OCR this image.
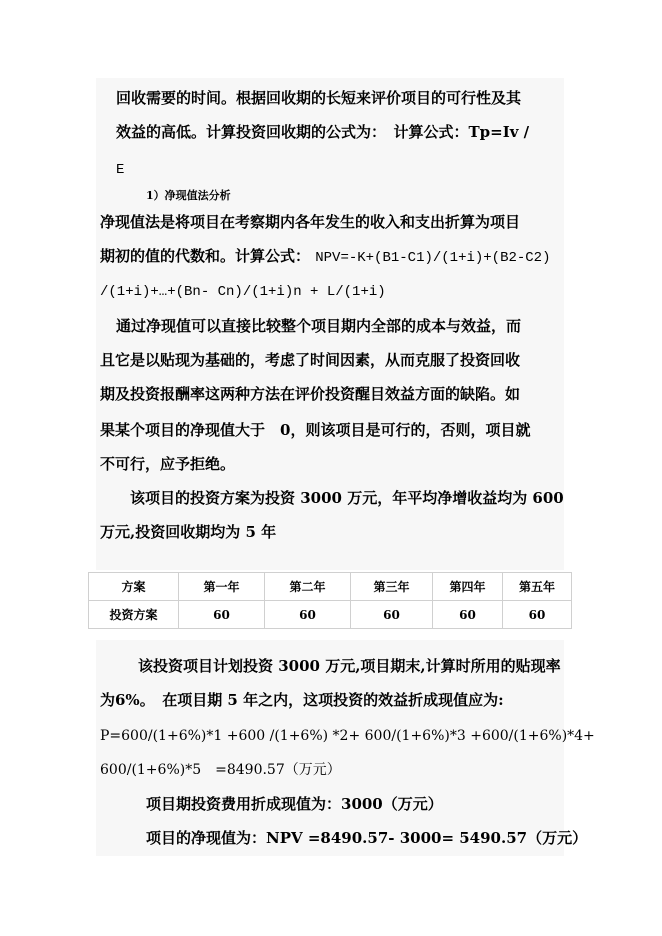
回收需要的时间。根据回收期的长短来评价项目的可行性及其
效益的高低。计算投资回收期的公式为：　计算公式：Tp=Iv /
E
1）净现值法分析
净现值法是将项目在考察期内各年发生的收入和支出折算为项目
期初的值的代数和。计算公式： NPV=-K+(B1-C1)/(1+i)+(B2-C2)
/(1+i)+…+(Bn- Cn)/(1+i)n + L/(1+i)
通过净现值可以直接比较整个项目期内全部的成本与效益，而
且它是以贴现为基础的，考虑了时间因素，从而克服了投资回收
期及投资报酬率这两种方法在评价投资醒目效益方面的缺陷。如
果某个项目的净现值大于　0，则该项目是可行的，否则，项目就
不可行，应予拒绝。
该项目的投资方案为投资 3000 万元，年平均净增收益均为 600
万元,投资回收期均为 5 年
方案	第一年	第二年	第三年	第四年	第五年
投资方案	60	60	60	60	60
该投资项目计划投资 3000 万元,项目期末,计算时所用的贴现率
为6%。　在项目期 5 年之内，这项投资的效益折成现值应为:
P=600/(1+6%)*1 +600 /(1+6%) *2+ 600/(1+6%)*3 +600/(1+6%)*4+
600/(1+6%)*5　=8490.57（万元）
项目期投资费用折成现值为：3000（万元）
项目的净现值为：NPV =8490.57- 3000= 5490.57（万元）
